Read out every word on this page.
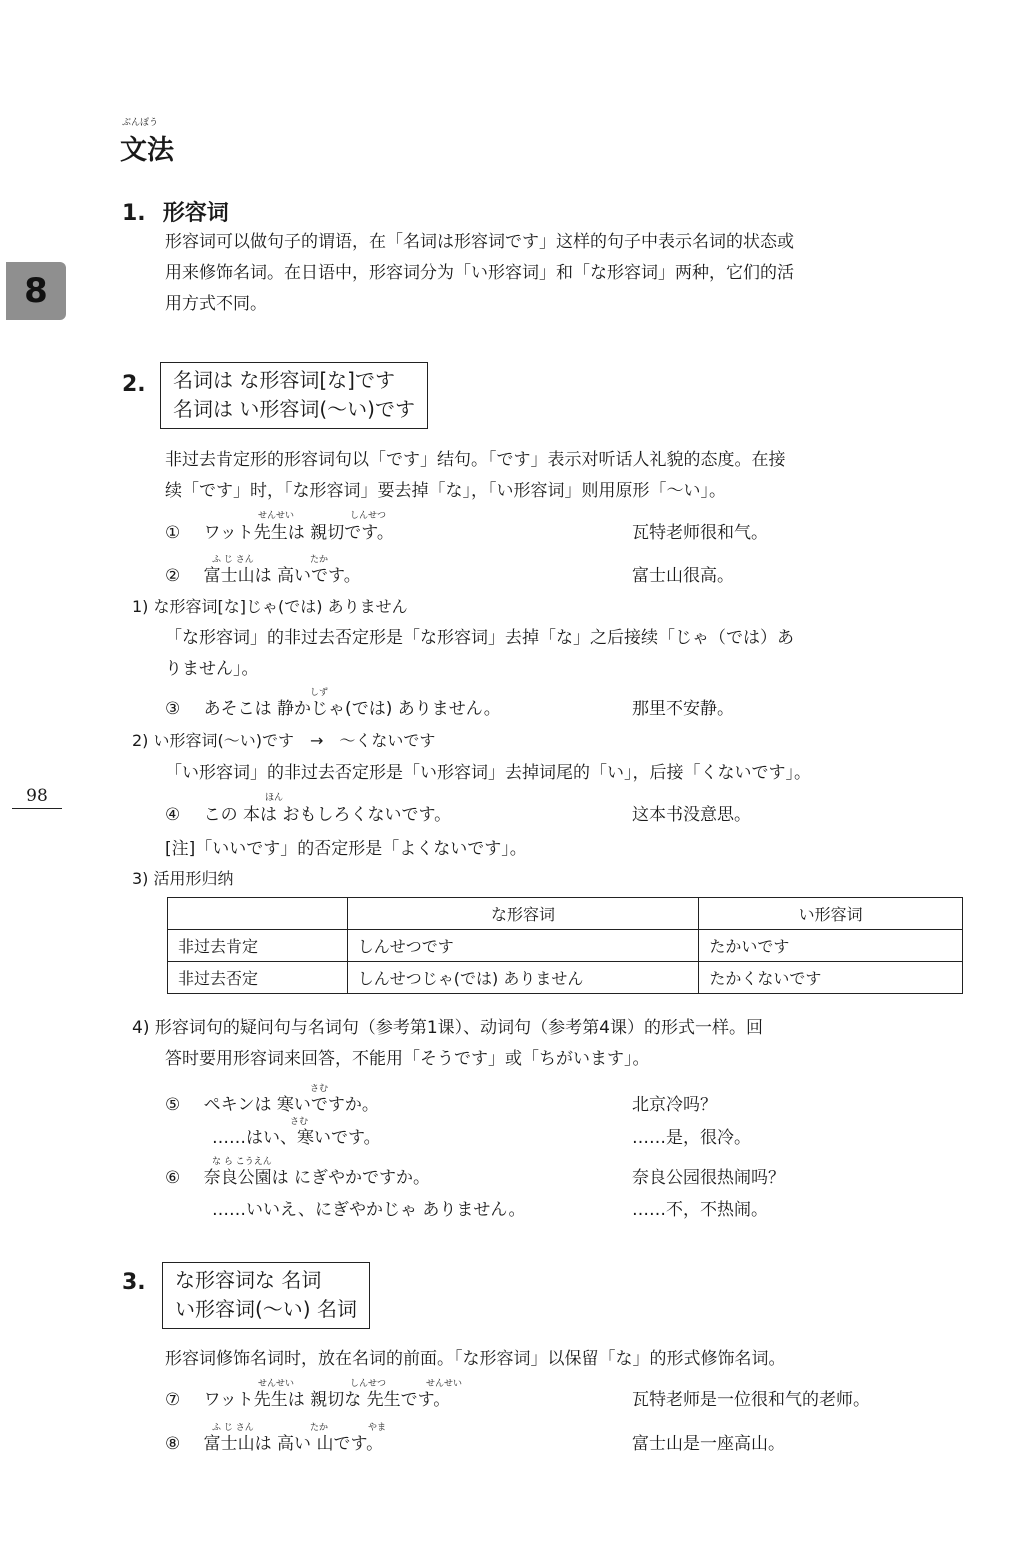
8
98
ぶんぽう
文法
1. 形容词
形容词可以做句子的谓语，在「名词は形容词です」这样的句子中表示名词的状态或
用来修饰名词。在日语中，形容词分为「い形容词」和「な形容词」两种，它们的活
用方式不同。
2. 名词は な形容词[な]です
名词は い形容词(〜い)です
非过去肯定形的形容词句以「です」结句。「です」表示对听话人礼貌的态度。在接
续「です」时，「な形容词」要去掉「な」，「い形容词」则用原形「〜い」。
せんせい	しんせつ
① ワット先生は 親切です。	瓦特老师很和气。
ふ じ さん	たか
② 富士山は 高いです。	富士山很高。
1) な形容词[な]じゃ(では) ありません
「な形容词」的非过去否定形是「な形容词」去掉「な」之后接续「じゃ（では）あ
りません」。
しず
③ あそこは 静かじゃ(では) ありません。	那里不安静。
2) い形容词(〜い)です　→　〜くないです
「い形容词」的非过去否定形是「い形容词」去掉词尾的「い」，后接「くないです」。
ほん
④ この 本は おもしろくないです。	这本书没意思。
[注]「いいです」的否定形是「よくないです」。
3) 活用形归纳
	な形容词	い形容词
非过去肯定	しんせつです	たかいです
非过去否定	しんせつじゃ(では) ありません	たかくないです
4) 形容词句的疑问句与名词句（参考第1课）、动词句（参考第4课）的形式一样。回
答时要用形容词来回答，不能用「そうです」或「ちがいます」。
さむ
⑤ ペキンは 寒いですか。	北京冷吗？
さむ
……はい、寒いです。	……是，很冷。
な ら こうえん
⑥ 奈良公園は にぎやかですか。	奈良公园很热闹吗？
……いいえ、にぎやかじゃ ありません。	……不，不热闹。
3. な形容词な 名词
い形容词(〜い) 名词
形容词修饰名词时，放在名词的前面。「な形容词」以保留「な」的形式修饰名词。
せんせい	しんせつ	せんせい
⑦ ワット先生は 親切な 先生です。	瓦特老师是一位很和气的老师。
ふ じ さん	たか	やま
⑧ 富士山は 高い 山です。	富士山是一座高山。
